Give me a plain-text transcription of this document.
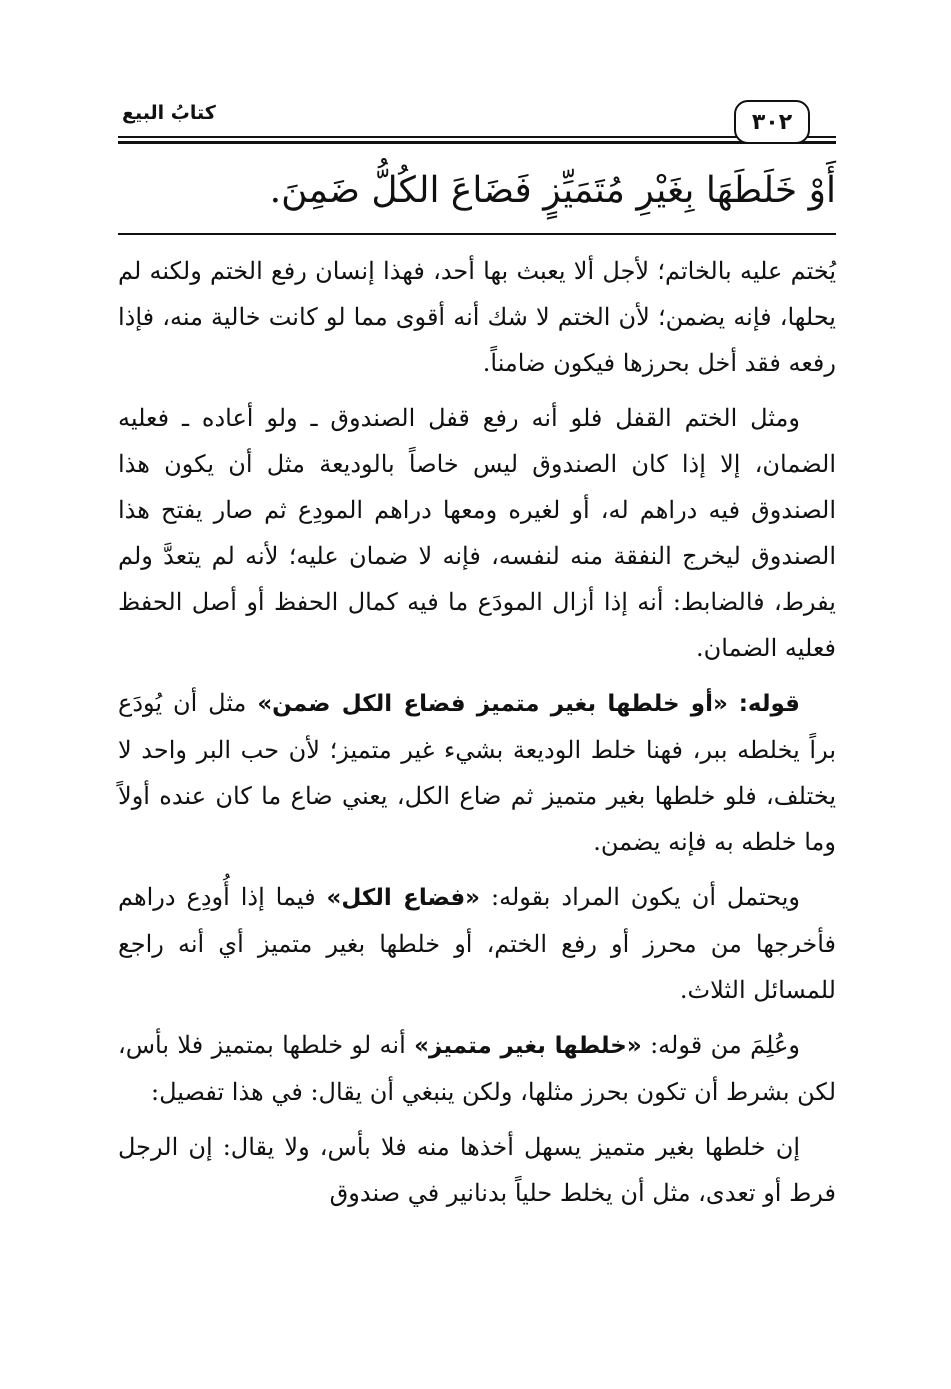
كتابُ البيع	٣٠٢
أَوْ خَلَطَهَا بِغَيْرِ مُتَمَيِّزٍ فَضَاعَ الكُلُّ ضَمِنَ.

يُختم عليه بالخاتم؛ لأجل ألا يعبث بها أحد، فهذا إنسان رفع الختم ولكنه لم يحلها، فإنه يضمن؛ لأن الختم لا شك أنه أقوى مما لو كانت خالية منه، فإذا رفعه فقد أخل بحرزها فيكون ضامناً.

ومثل الختم القفل فلو أنه رفع قفل الصندوق ـ ولو أعاده ـ فعليه الضمان، إلا إذا كان الصندوق ليس خاصاً بالوديعة مثل أن يكون هذا الصندوق فيه دراهم له، أو لغيره ومعها دراهم المودِع ثم صار يفتح هذا الصندوق ليخرج النفقة منه لنفسه، فإنه لا ضمان عليه؛ لأنه لم يتعدَّ ولم يفرط، فالضابط: أنه إذا أزال المودَع ما فيه كمال الحفظ أو أصل الحفظ فعليه الضمان.

قوله: «أو خلطها بغير متميز فضاع الكل ضمن» مثل أن يُودَع براً يخلطه ببر، فهنا خلط الوديعة بشيء غير متميز؛ لأن حب البر واحد لا يختلف، فلو خلطها بغير متميز ثم ضاع الكل، يعني ضاع ما كان عنده أولاً وما خلطه به فإنه يضمن.

ويحتمل أن يكون المراد بقوله: «فضاع الكل» فيما إذا أُودِع دراهم فأخرجها من محرز أو رفع الختم، أو خلطها بغير متميز أي أنه راجع للمسائل الثلاث.

وعُلِمَ من قوله: «خلطها بغير متميز» أنه لو خلطها بمتميز فلا بأس، لكن بشرط أن تكون بحرز مثلها، ولكن ينبغي أن يقال: في هذا تفصيل:

إن خلطها بغير متميز يسهل أخذها منه فلا بأس، ولا يقال: إن الرجل فرط أو تعدى، مثل أن يخلط حلياً بدنانير في صندوق
